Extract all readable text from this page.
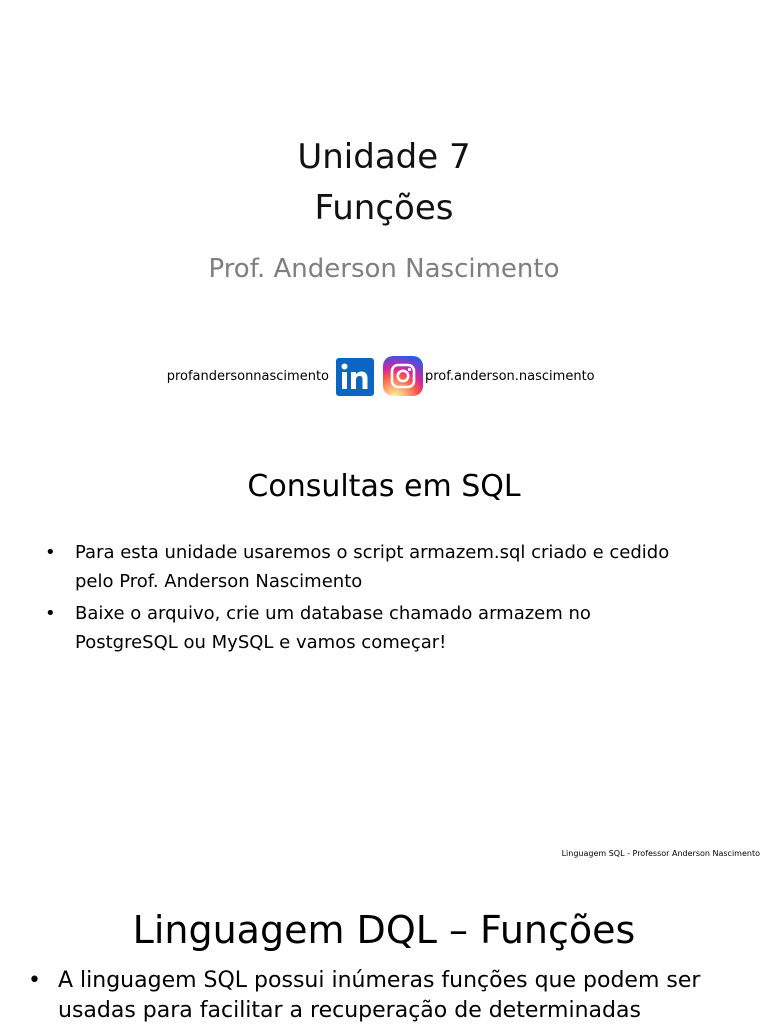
Unidade 7
Funções
Prof. Anderson Nascimento
profandersonnascimento	prof.anderson.nascimento
Consultas em SQL
• Para esta unidade usaremos o script armazem.sql criado e cedido
pelo Prof. Anderson Nascimento
• Baixe o arquivo, crie um database chamado armazem no
PostgreSQL ou MySQL e vamos começar!
Linguagem SQL - Professor Anderson Nascimento
Linguagem DQL – Funções
• A linguagem SQL possui inúmeras funções que podem ser
usadas para facilitar a recuperação de determinadas
